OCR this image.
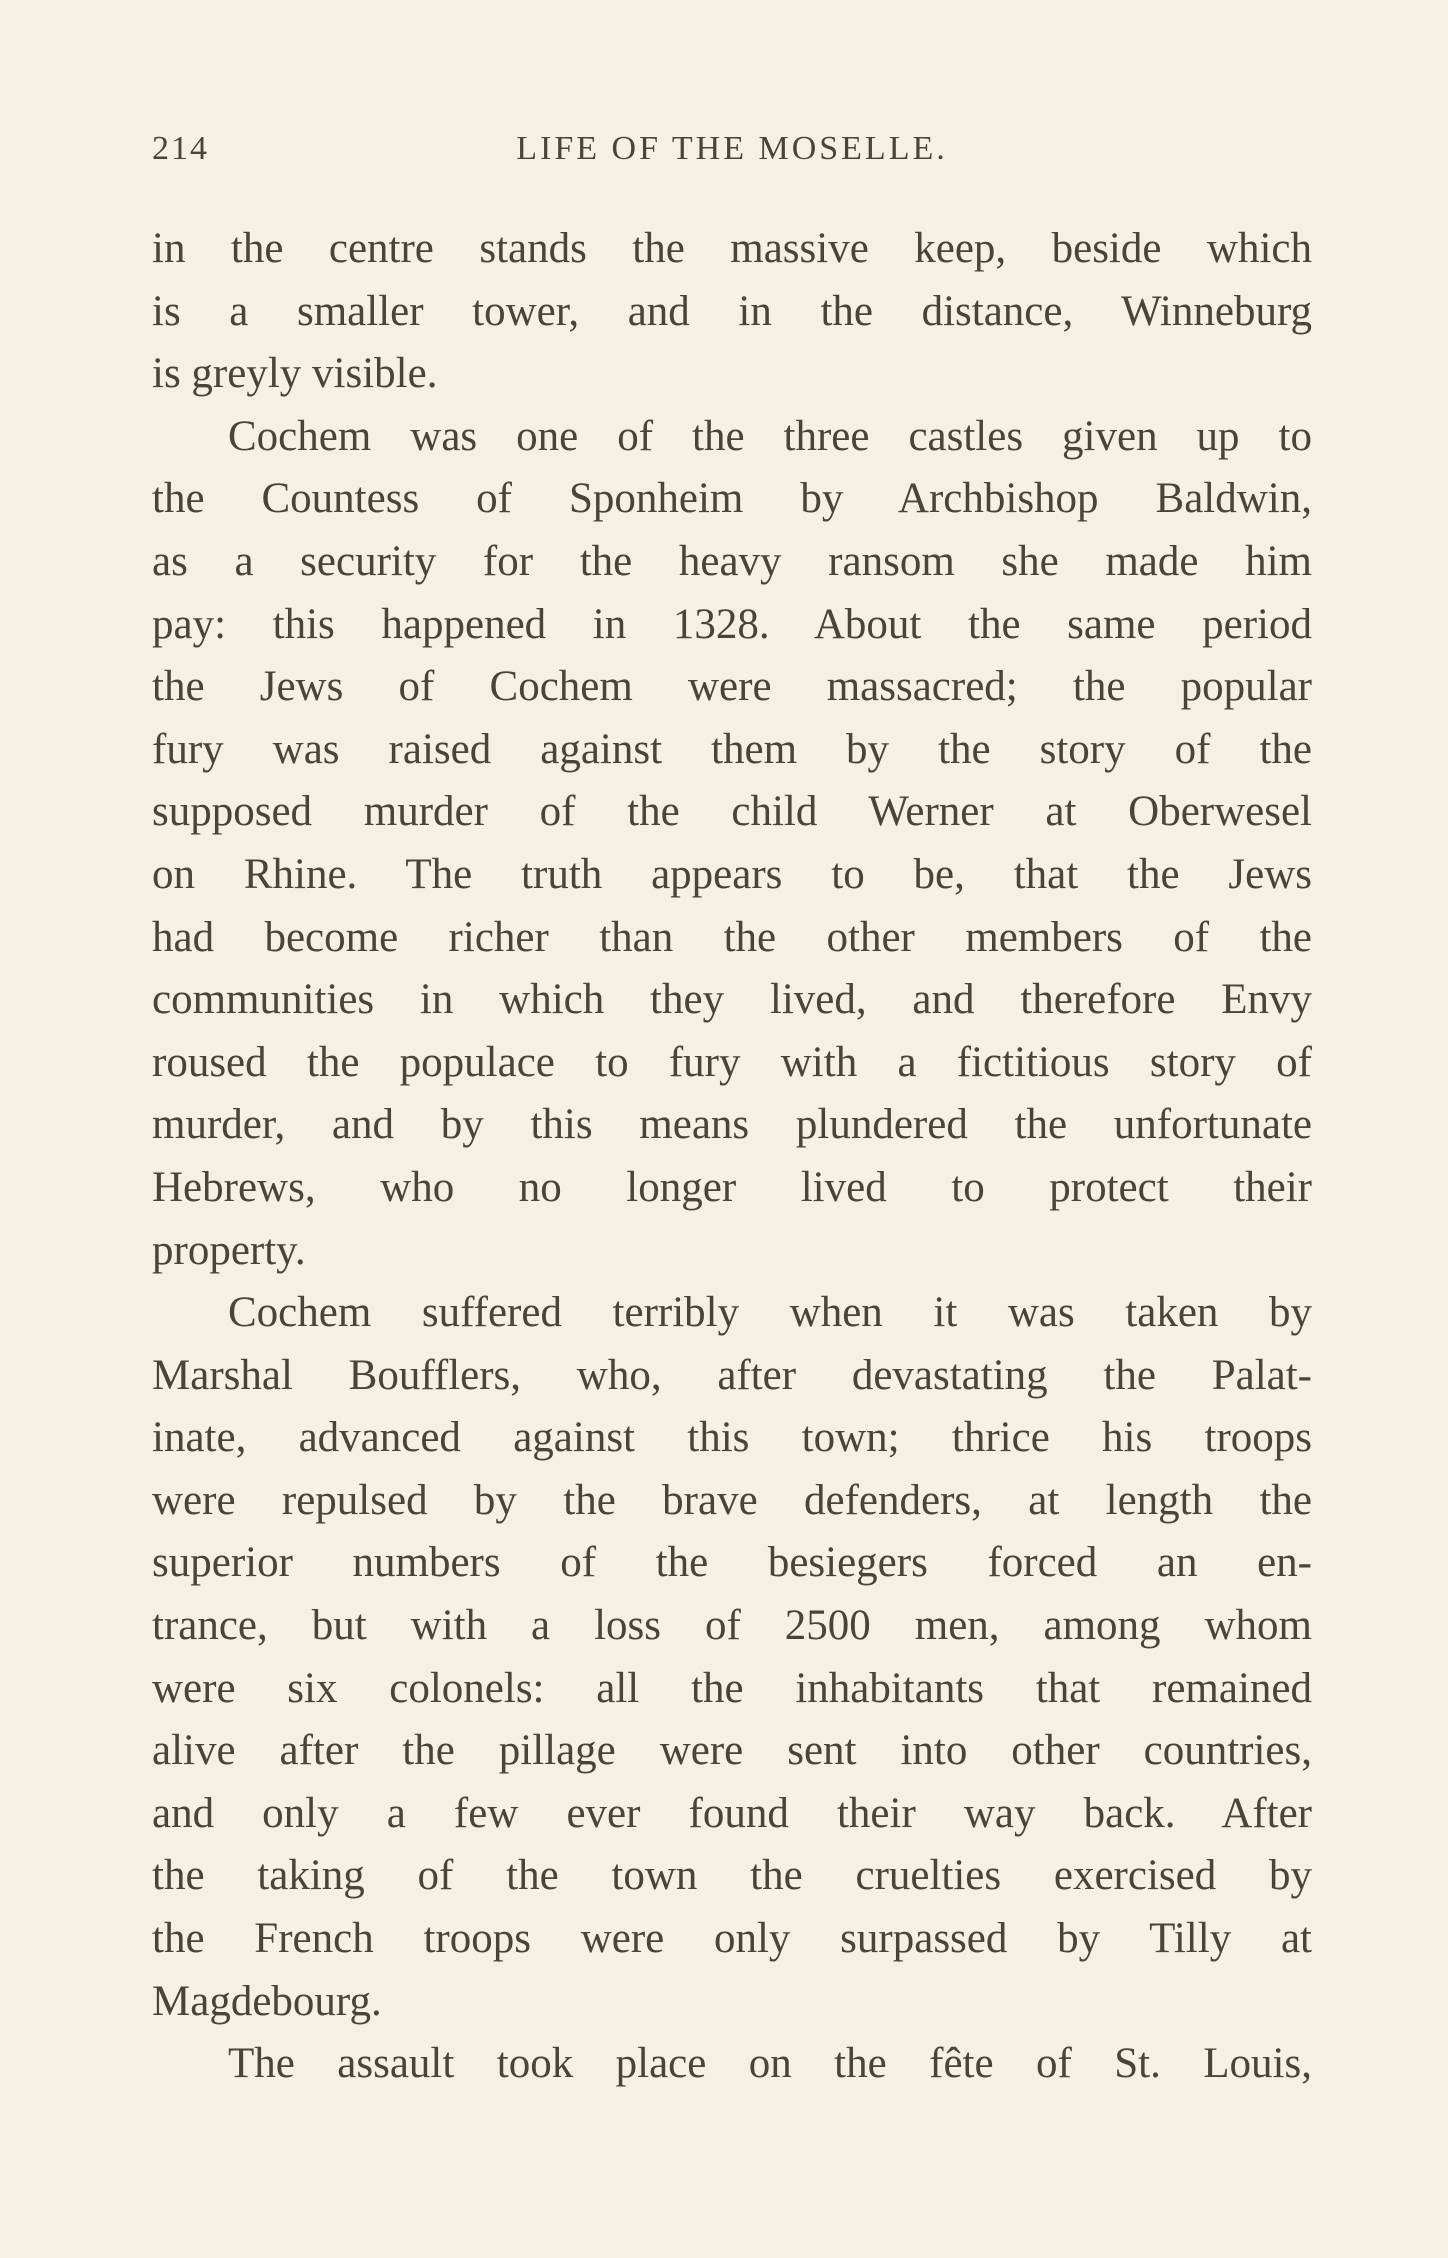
214	LIFE OF THE MOSELLE.
in the centre stands the massive keep, beside which
is a smaller tower, and in the distance, Winneburg
is greyly visible.
Cochem was one of the three castles given up to
the Countess of Sponheim by Archbishop Baldwin,
as a security for the heavy ransom she made him
pay: this happened in 1328. About the same period
the Jews of Cochem were massacred; the popular
fury was raised against them by the story of the
supposed murder of the child Werner at Oberwesel
on Rhine. The truth appears to be, that the Jews
had become richer than the other members of the
communities in which they lived, and therefore Envy
roused the populace to fury with a fictitious story of
murder, and by this means plundered the unfortunate
Hebrews, who no longer lived to protect their
property.
Cochem suffered terribly when it was taken by
Marshal Boufflers, who, after devastating the Palat-
inate, advanced against this town; thrice his troops
were repulsed by the brave defenders, at length the
superior numbers of the besiegers forced an en-
trance, but with a loss of 2500 men, among whom
were six colonels: all the inhabitants that remained
alive after the pillage were sent into other countries,
and only a few ever found their way back. After
the taking of the town the cruelties exercised by
the French troops were only surpassed by Tilly at
Magdebourg.
The assault took place on the fête of St. Louis,
